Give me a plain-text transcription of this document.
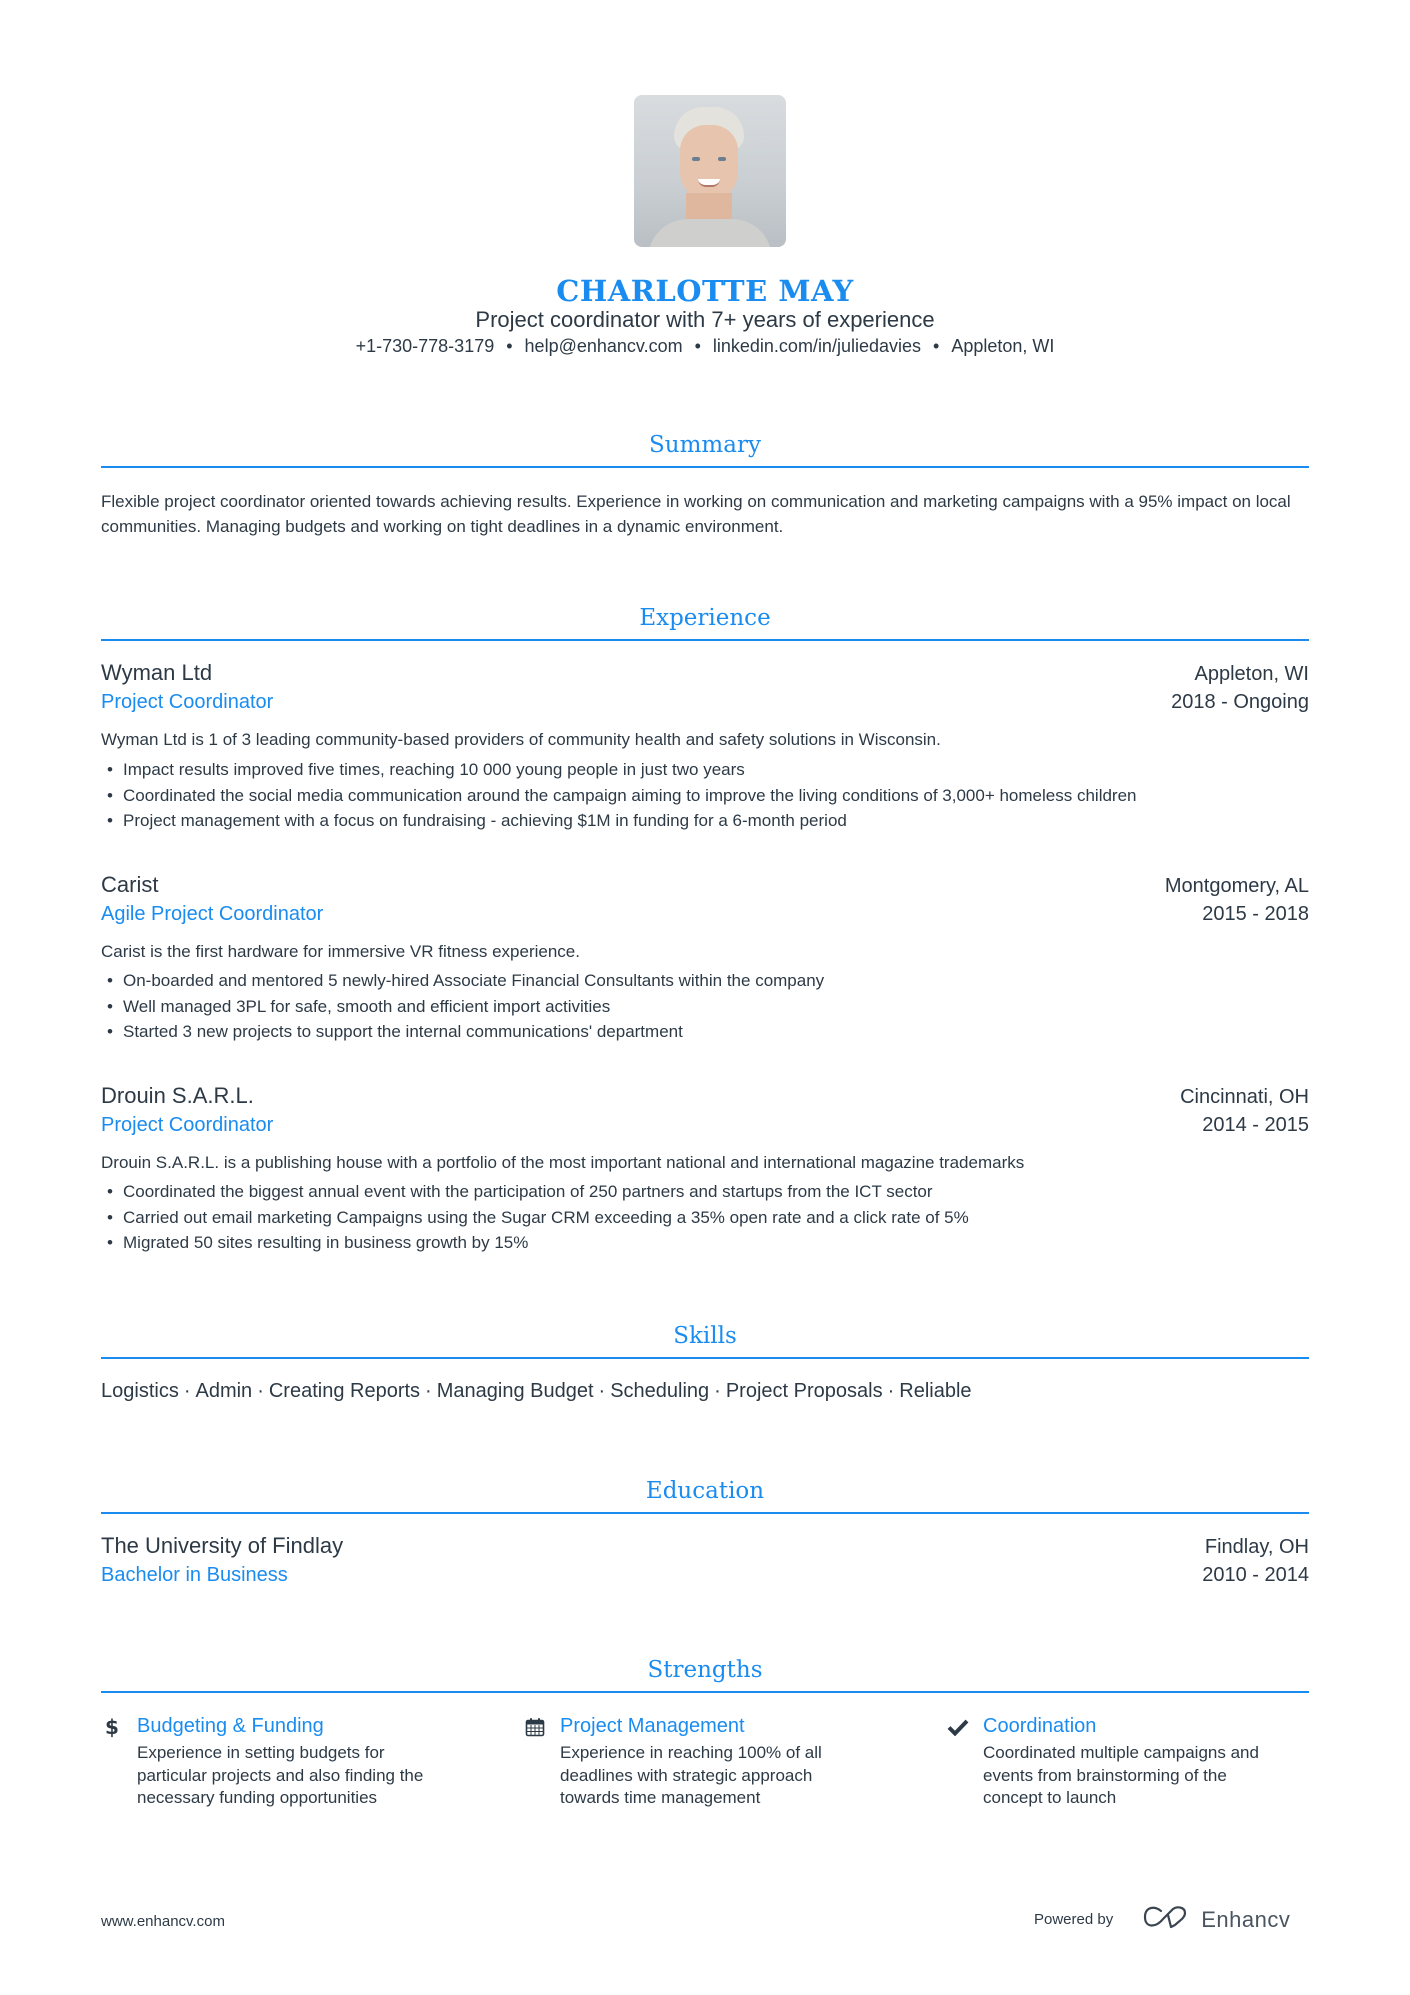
CHARLOTTE MAY
Project coordinator with 7+ years of experience
+1-730-778-3179 • help@enhancv.com • linkedin.com/in/juliedavies • Appleton, WI
Summary
Flexible project coordinator oriented towards achieving results. Experience in working on communication and marketing campaigns with a 95% impact on local communities. Managing budgets and working on tight deadlines in a dynamic environment.
Experience
Wyman Ltd	Appleton, WI
Project Coordinator	2018 - Ongoing
Wyman Ltd is 1 of 3 leading community-based providers of community health and safety solutions in Wisconsin.
• Impact results improved five times, reaching 10 000 young people in just two years
• Coordinated the social media communication around the campaign aiming to improve the living conditions of 3,000+ homeless children
• Project management with a focus on fundraising - achieving $1M in funding for a 6-month period
Carist	Montgomery, AL
Agile Project Coordinator	2015 - 2018
Carist is the first hardware for immersive VR fitness experience.
• On-boarded and mentored 5 newly-hired Associate Financial Consultants within the company
• Well managed 3PL for safe, smooth and efficient import activities
• Started 3 new projects to support the internal communications' department
Drouin S.A.R.L.	Cincinnati, OH
Project Coordinator	2014 - 2015
Drouin S.A.R.L. is a publishing house with a portfolio of the most important national and international magazine trademarks
• Coordinated the biggest annual event with the participation of 250 partners and startups from the ICT sector
• Carried out email marketing Campaigns using the Sugar CRM exceeding a 35% open rate and a click rate of 5%
• Migrated 50 sites resulting in business growth by 15%
Skills
Logistics · Admin · Creating Reports · Managing Budget · Scheduling · Project Proposals · Reliable
Education
The University of Findlay	Findlay, OH
Bachelor in Business	2010 - 2014
Strengths
$ Budgeting & Funding
Experience in setting budgets for
particular projects and also finding the
necessary funding opportunities
Project Management
Experience in reaching 100% of all
deadlines with strategic approach
towards time management
Coordination
Coordinated multiple campaigns and
events from brainstorming of the
concept to launch
www.enhancv.com	Powered by	Enhancv
